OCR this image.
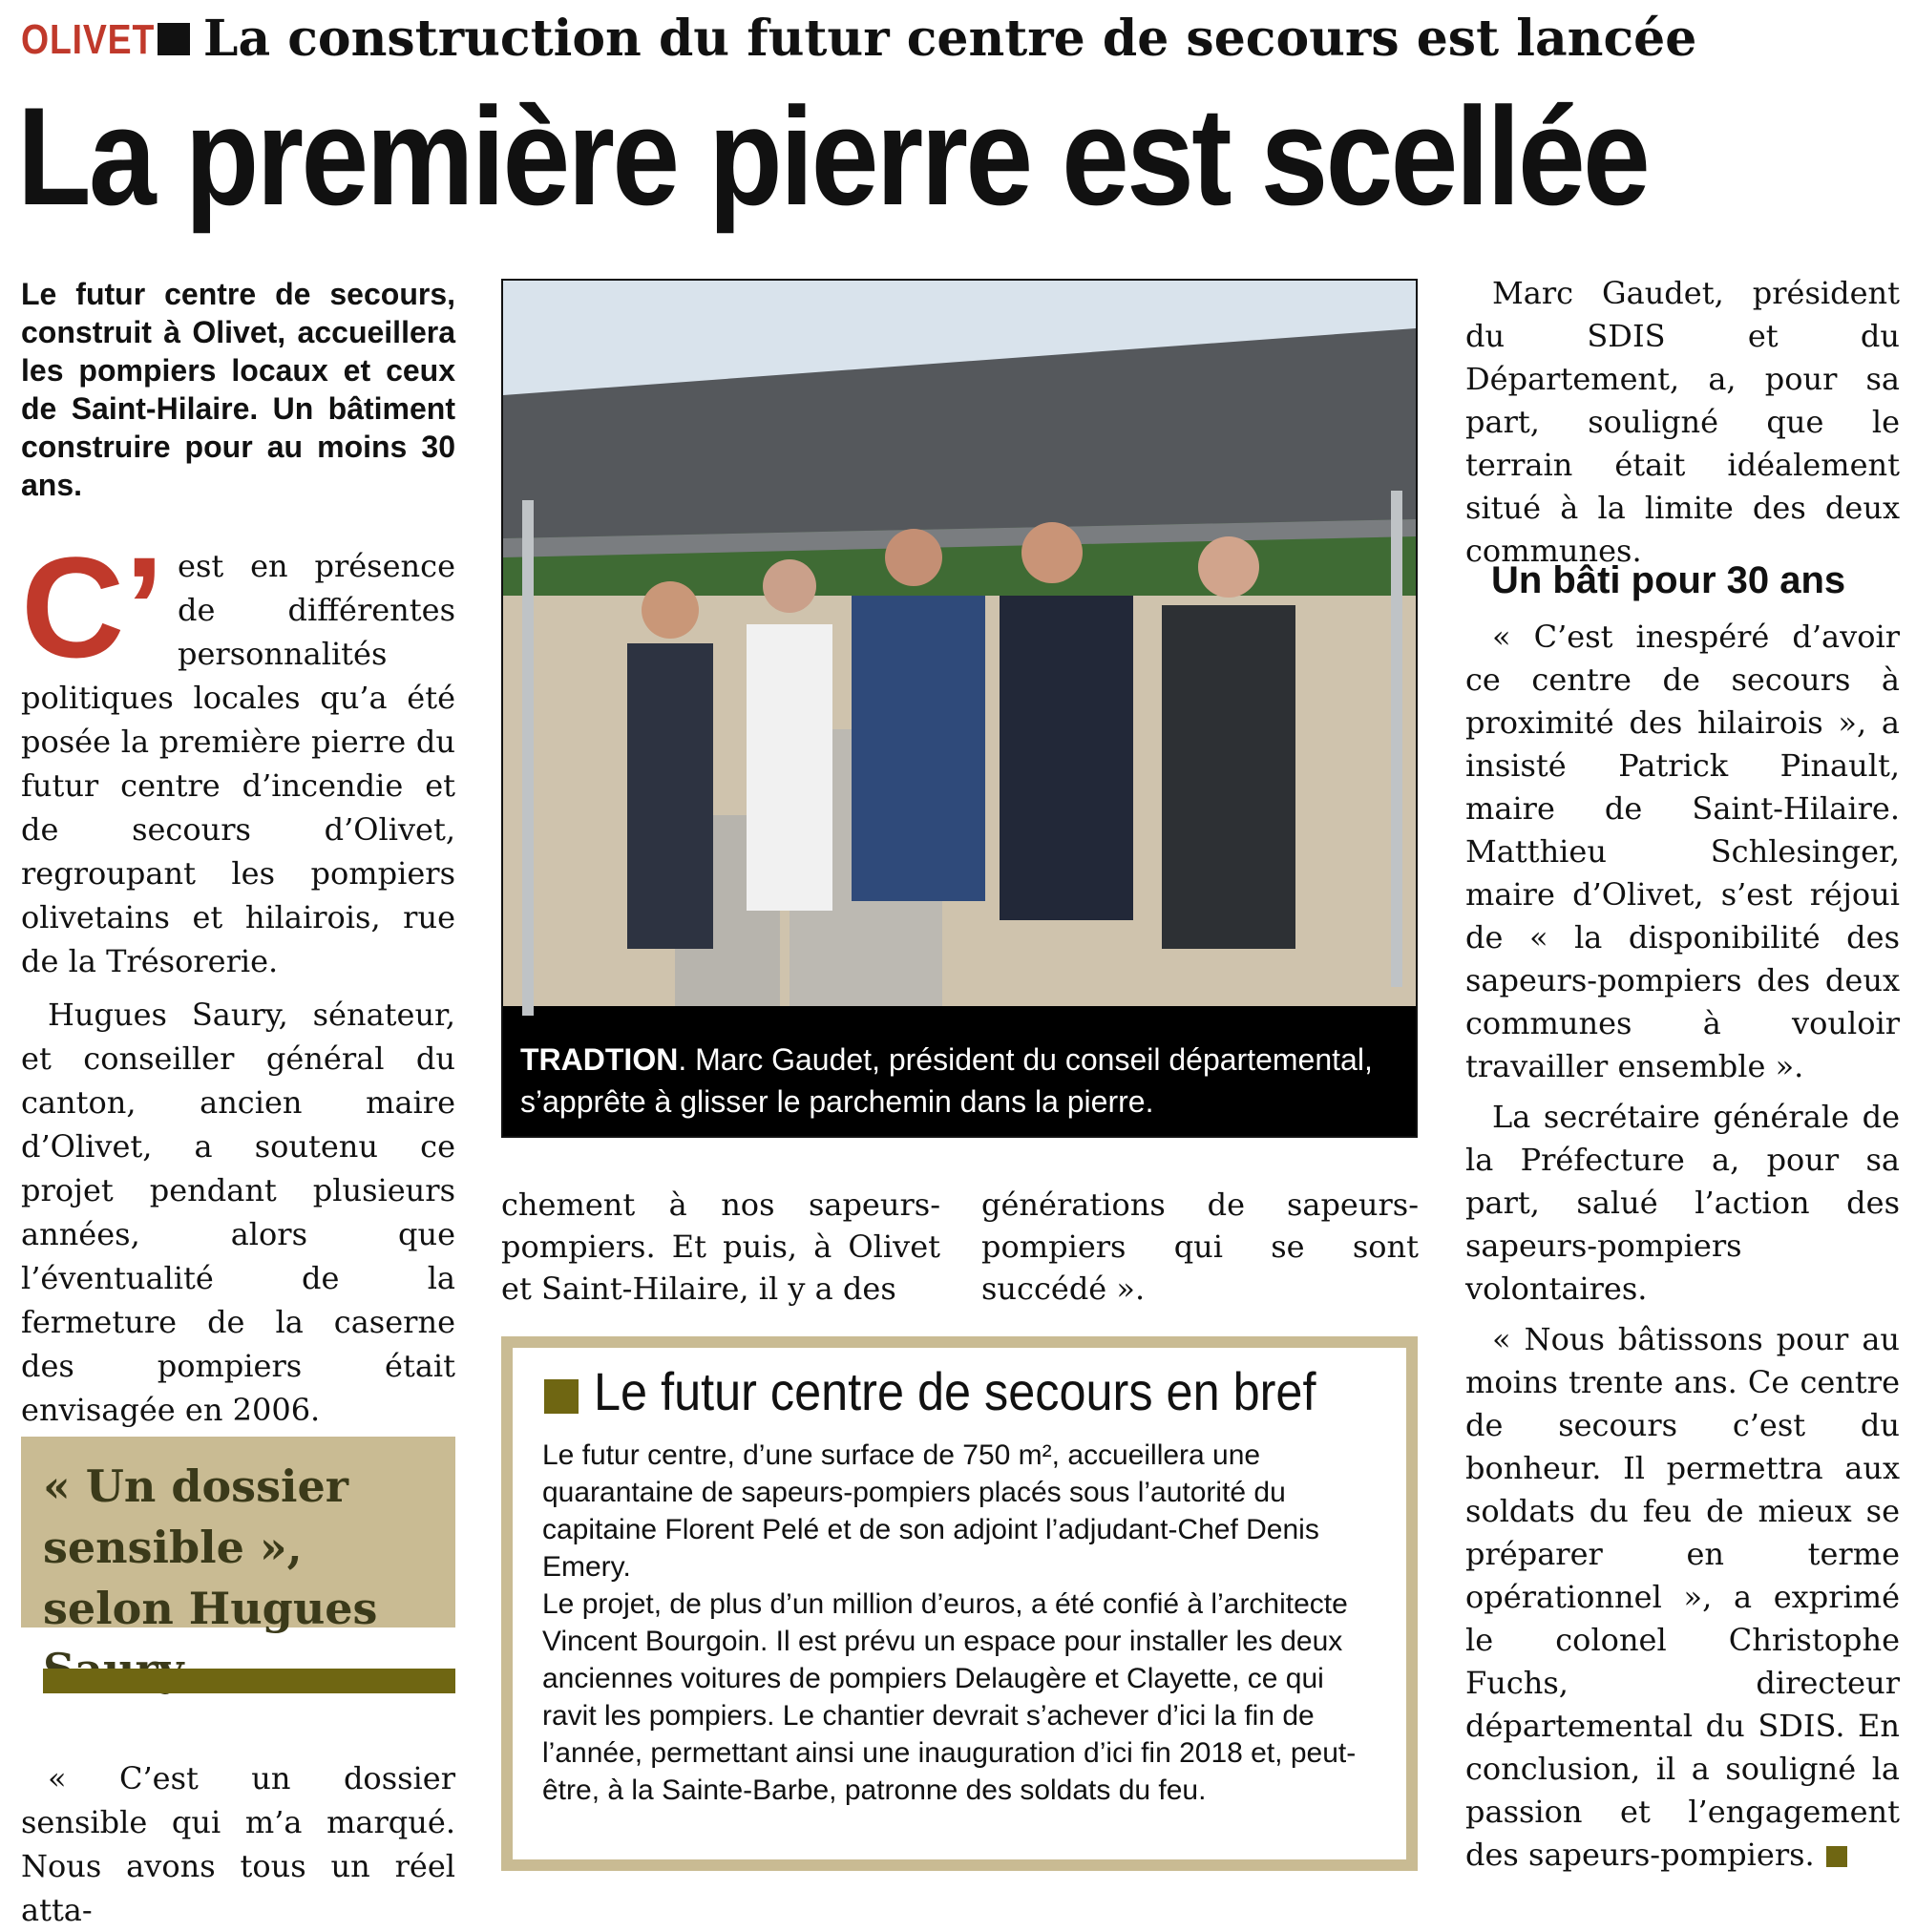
OLIVET La construction du futur centre de secours est lancée
La première pierre est scellée
Le futur centre de secours, construit à Olivet, accueillera les pompiers locaux et ceux de Saint-Hilaire. Un bâtiment construire pour au moins 30 ans.
C’ est en présence de différentes personnalités politiques locales qu’a été posée la première pierre du futur centre d’incendie et de secours d’Olivet, regroupant les pompiers olivetains et hilairois, rue de la Trésorerie.
Hugues Saury, sénateur, et conseiller général du canton, ancien maire d’Olivet, a soutenu ce projet pendant plusieurs années, alors que l’éventualité de la fermeture de la caserne des pompiers était envisagée en 2006.
« Un dossier sensible », selon Hugues
« C’est un dossier sensible qui m’a marqué. Nous avons tous un réel atta-
TRADTION. Marc Gaudet, président du conseil départemental, s’apprête à glisser le parchemin dans la pierre.
chement à nos sapeurs-pompiers. Et puis, à Olivet et Saint-Hilaire, il y a des
générations de sapeurs-pompiers qui se sont succédé ».
Le futur centre de secours en bref
Le futur centre, d’une surface de 750 m², accueillera une quarantaine de sapeurs-pompiers placés sous l’autorité du capitaine Florent Pelé et de son adjoint l’adjudant-Chef Denis Emery.
Le projet, de plus d’un million d’euros, a été confié à l’architecte Vincent Bourgoin. Il est prévu un espace pour installer les deux anciennes voitures de pompiers Delaugère et Clayette, ce qui ravit les pompiers. Le chantier devrait s’achever d’ici la fin de l’année, permettant ainsi une inauguration d’ici fin 2018 et, peut-être, à la Sainte-Barbe, patronne des soldats du feu.
Marc Gaudet, président du SDIS et du Département, a, pour sa part, souligné que le terrain était idéalement situé à la limite des deux communes.
Un bâti pour 30 ans

« C’est inespéré d’avoir ce centre de secours à proximité des hilairois », a insisté Patrick Pinault, maire de Saint-Hilaire. Matthieu Schlesinger, maire d’Olivet, s’est réjoui de « la disponibilité des sapeurs-pompiers des deux communes à vouloir travailler ensemble ».

La secrétaire générale de la Préfecture a, pour sa part, salué l’action des sapeurs-pompiers volontaires.

« Nous bâtissons pour au moins trente ans. Ce centre de secours c’est du bonheur. Il permettra aux soldats du feu de mieux se préparer en terme opérationnel », a exprimé le colonel Christophe Fuchs, directeur départemental du SDIS. En conclusion, il a souligné la passion et l’engagement des sapeurs-pompiers.
